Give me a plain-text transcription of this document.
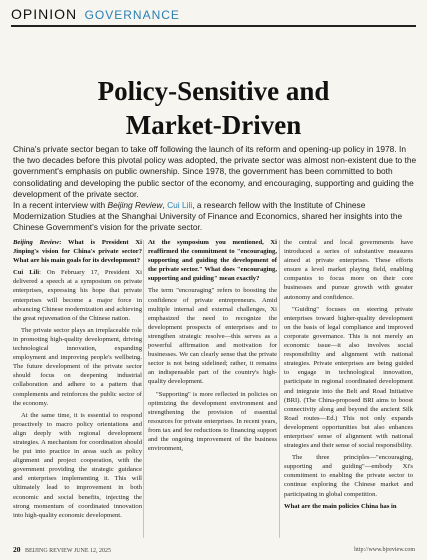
OPINION GOVERNANCE
Policy-Sensitive and
Market-Driven

China's private sector began to take off following the launch of its reform and opening-up policy in 1978. In the two decades before this pivotal policy was adopted, the private sector was almost non-existent due to the government's emphasis on public ownership. Since 1978, the government has been committed to both consolidating and developing the public sector of the economy, and encouraging, supporting and guiding the development of the private sector.

In a recent interview with Beijing Review, Cui Lili, a research fellow with the Institute of Chinese Modernization Studies at the Shanghai University of Finance and Economics, shared her insights into the Chinese Government's vision for the private sector.

Beijing Review: What is President Xi Jinping's vision for China's private sector? What are his main goals for its development?

Cui Lili: On February 17, President Xi delivered a speech at a symposium on private enterprises, expressing his hope that private enterprises will become a major force in advancing Chinese modernization and achieving the great rejuvenation of the Chinese nation.

The private sector plays an irreplaceable role in promoting high-quality development, driving technological innovation, expanding employment and improving people's wellbeing. The future development of the private sector should focus on deepening industrial collaboration and adhere to a pattern that complements and reinforces the public sector of the economy.

At the same time, it is essential to respond proactively to macro policy orientations and align deeply with regional development strategies. A mechanism for coordination should be put into practice in areas such as policy alignment and project cooperation, with the government providing the strategic guidance and enterprises implementing it. This will ultimately lead to improvement in both economic and social benefits, injecting the strong momentum of coordinated innovation into high-quality economic development.

At the symposium you mentioned, Xi reaffirmed the commitment to "encouraging, supporting and guiding the development of the private sector." What does "encouraging, supporting and guiding" mean exactly?

The term "encouraging" refers to boosting the confidence of private entrepreneurs. Amid multiple internal and external challenges, Xi emphasized the need to recognize the development prospects of enterprises and to strengthen strategic resolve—this serves as a powerful affirmation and motivation for businesses. We can clearly sense that the private sector is not being sidelined; rather, it remains an indispensable part of the country's high-quality development.

"Supporting" is more reflected in policies on optimizing the development environment and strengthening the provision of essential resources for private enterprises. In recent years, from tax and fee reductions to financing support and the ongoing improvement of the business environment,

the central and local governments have introduced a series of substantive measures aimed at private enterprises. These efforts ensure a level market playing field, enabling companies to focus more on their core businesses and pursue growth with greater autonomy and confidence.

"Guiding" focuses on steering private enterprises toward higher-quality development on the basis of legal compliance and improved corporate governance. This is not merely an economic issue—it also involves social responsibility and alignment with national strategies. Private enterprises are being guided to engage in technological innovation, participate in regional coordinated development and integrate into the Belt and Road Initiative (BRI). (The China-proposed BRI aims to boost connectivity along and beyond the ancient Silk Road routes—Ed.) This not only expands development opportunities but also enhances enterprises' sense of alignment with national strategies and their sense of social responsibility.

The three principles—"encouraging, supporting and guiding"—embody Xi's commitment to enabling the private sector to continue exploring the Chinese market and participating in global competition.

What are the main policies China has in

20 BEIJING REVIEW JUNE 12, 2025	http://www.bjreview.com
